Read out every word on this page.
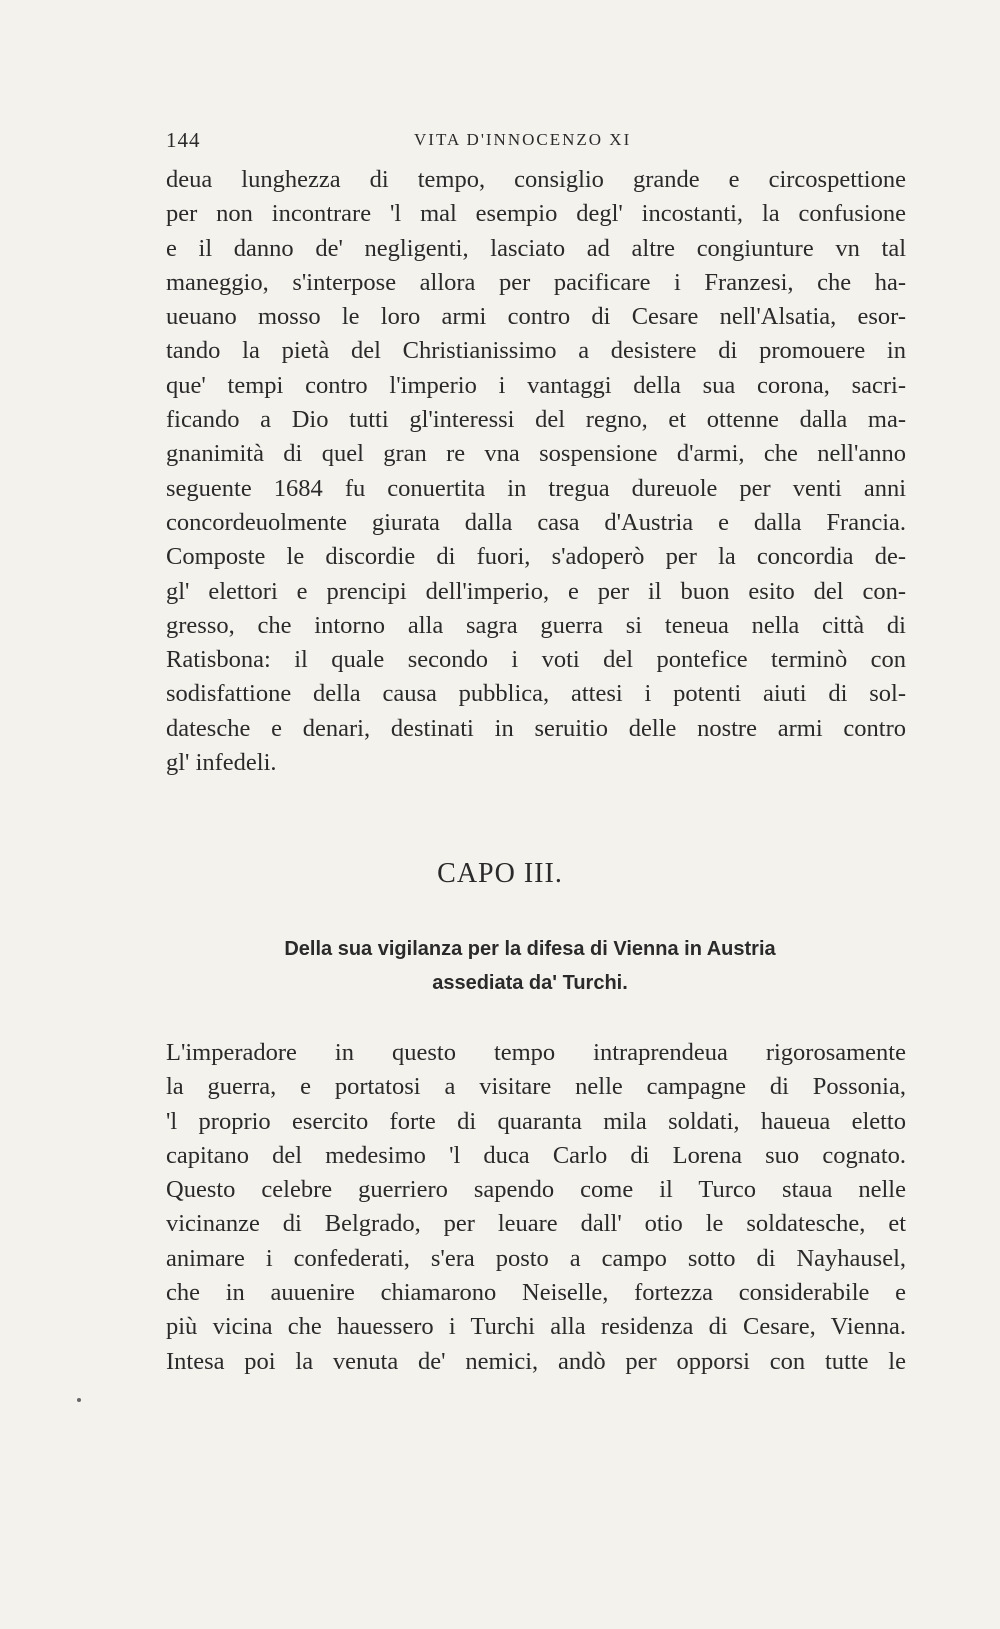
144	VITA D'INNOCENZO XI
deua lunghezza di tempo, consiglio grande e circospettione
per non incontrare 'l mal esempio degl' incostanti, la confusione
e il danno de' negligenti, lasciato ad altre congiunture vn tal
maneggio, s'interpose allora per pacificare i Franzesi, che ha-
ueuano mosso le loro armi contro di Cesare nell'Alsatia, esor-
tando la pietà del Christianissimo a desistere di promouere in
que' tempi contro l'imperio i vantaggi della sua corona, sacri-
ficando a Dio tutti gl'interessi del regno, et ottenne dalla ma-
gnanimità di quel gran re vna sospensione d'armi, che nell'anno
seguente 1684 fu conuertita in tregua dureuole per venti anni
concordeuolmente giurata dalla casa d'Austria e dalla Francia.
Composte le discordie di fuori, s'adoperò per la concordia de-
gl' elettori e prencipi dell'imperio, e per il buon esito del con-
gresso, che intorno alla sagra guerra si teneua nella città di
Ratisbona: il quale secondo i voti del pontefice terminò con
sodisfattione della causa pubblica, attesi i potenti aiuti di sol-
datesche e denari, destinati in seruitio delle nostre armi contro
gl' infedeli.
CAPO III.
Della sua vigilanza per la difesa di Vienna in Austria
assediata da' Turchi.
L'imperadore in questo tempo intraprendeua rigorosamente
la guerra, e portatosi a visitare nelle campagne di Possonia,
'l proprio esercito forte di quaranta mila soldati, haueua eletto
capitano del medesimo 'l duca Carlo di Lorena suo cognato.
Questo celebre guerriero sapendo come il Turco staua nelle
vicinanze di Belgrado, per leuare dall' otio le soldatesche, et
animare i confederati, s'era posto a campo sotto di Nayhausel,
che in auuenire chiamarono Neiselle, fortezza considerabile e
più vicina che hauessero i Turchi alla residenza di Cesare, Vienna.
Intesa poi la venuta de' nemici, andò per opporsi con tutte le
